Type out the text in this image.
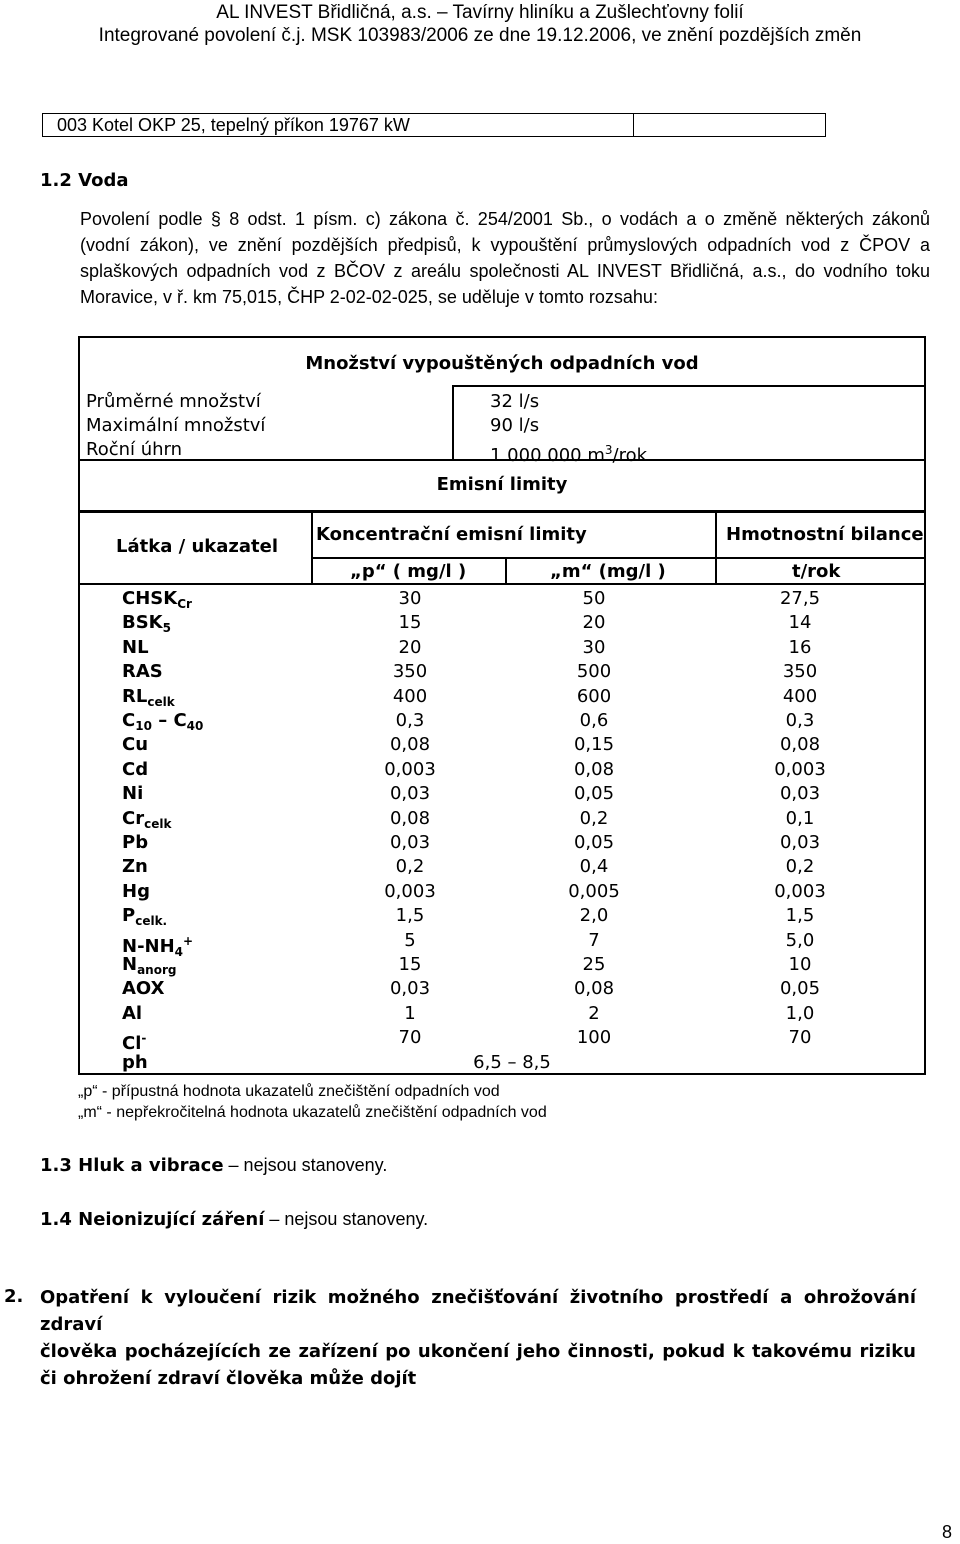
AL INVEST Břidličná, a.s. – Tavírny hliníku a Zušlechťovny folií
Integrované povolení č.j. MSK 103983/2006 ze dne 19.12.2006, ve znění pozdějších změn
003 Kotel OKP 25, tepelný příkon 19767 kW
1.2 Voda
Povolení podle § 8 odst. 1 písm. c) zákona č. 254/2001 Sb., o vodách a o změně některých zákonů
(vodní zákon), ve znění pozdějších předpisů, k vypouštění průmyslových odpadních vod z ČPOV a
splaškových odpadních vod z BČOV z areálu společnosti AL INVEST Břidličná, a.s., do vodního toku
Moravice, v ř. km 75,015, ČHP 2-02-02-025, se uděluje v tomto rozsahu:
Množství vypouštěných odpadních vod
Průměrné množství	32 l/s
Maximální množství	90 l/s
Roční úhrn	1 000 000 $m^3$/rok
Emisní limity
Látka / ukazatel
Koncentrační emisní limity	Hmotnostní bilance
„p“ ( mg/l )	„m“ (mg/l )	t/rok
$CHSK_{Cr}$	30	50	27,5
$BSK_5$	15	20	14
NL	20	30	16
RAS	350	500	350
$RL_{celk}$	400	600	400
$C_{10} - C_{40}$	0,3	0,6	0,3
Cu	0,08	0,15	0,08
Cd	0,003	0,08	0,003
Ni	0,03	0,05	0,03
$Cr_{celk}$	0,08	0,2	0,1
Pb	0,03	0,05	0,03
Zn	0,2	0,4	0,2
Hg	0,003	0,005	0,003
$P_{celk.}$	1,5	2,0	1,5
$N-NH_4^+$	5	7	5,0
$N_{anorg}$	15	25	10
AOX	0,03	0,08	0,05
Al	1	2	1,0
Cl-	70	100	70
ph	6,5 – 8,5
„p“ - přípustná hodnota ukazatelů znečištění odpadních vod
„m“ - nepřekročitelná hodnota ukazatelů znečištění odpadních vod
1.3 Hluk a vibrace – nejsou stanoveny.
1.4 Neionizující záření – nejsou stanoveny.
2. Opatření k vyloučení rizik možného znečišťování životního prostředí a ohrožování zdraví
člověka pocházejících ze zařízení po ukončení jeho činnosti, pokud k takovému riziku
či ohrožení zdraví člověka může dojít
8
